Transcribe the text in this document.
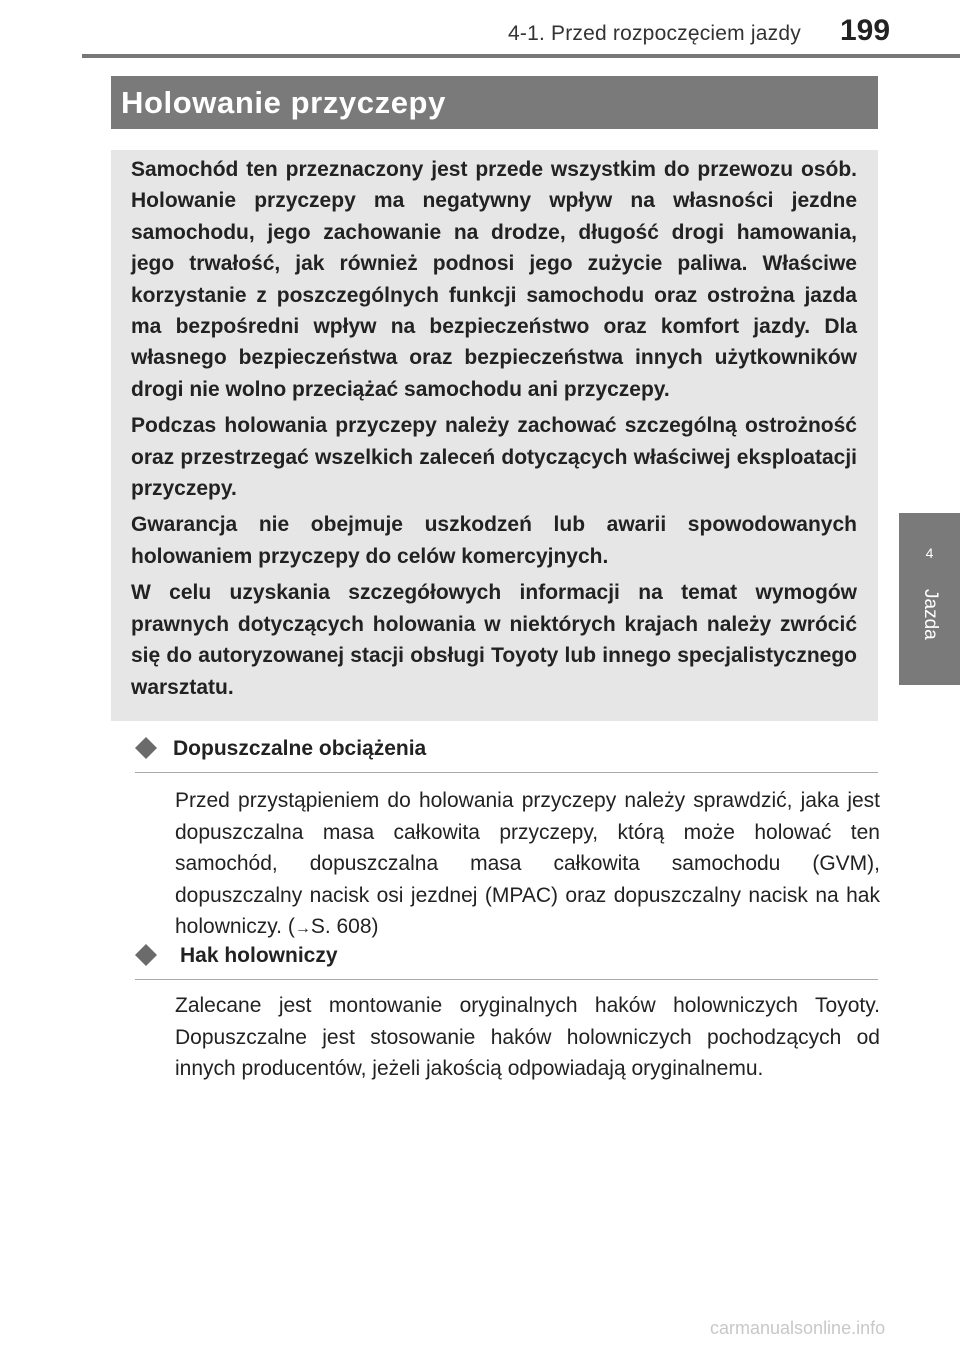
4-1. Przed rozpoczęciem jazdy 199
Holowanie przyczepy

Samochód ten przeznaczony jest przede wszystkim do przewozu osób. Holowanie przyczepy ma negatywny wpływ na własności jezdne samochodu, jego zachowanie na drodze, długość drogi hamowania, jego trwałość, jak również podnosi jego zużycie paliwa. Właściwe korzystanie z poszczególnych funkcji samochodu oraz ostrożna jazda ma bezpośredni wpływ na bezpieczeństwo oraz komfort jazdy. Dla własnego bezpieczeństwa oraz bezpieczeństwa innych użytkowników drogi nie wolno przeciążać samochodu ani przyczepy.

Podczas holowania przyczepy należy zachować szczególną ostrożność oraz przestrzegać wszelkich zaleceń dotyczących właściwej eksploatacji przyczepy.

Gwarancja nie obejmuje uszkodzeń lub awarii spowodowanych holowaniem przyczepy do celów komercyjnych.

W celu uzyskania szczegółowych informacji na temat wymogów prawnych dotyczących holowania w niektórych krajach należy zwrócić się do autoryzowanej stacji obsługi Toyoty lub innego specjalistycznego warsztatu.

4
Jazda
Dopuszczalne obciążenia
Przed przystąpieniem do holowania przyczepy należy sprawdzić, jaka jest dopuszczalna masa całkowita przyczepy, którą może holować ten samochód, dopuszczalna masa całkowita samochodu (GVM), dopuszczalny nacisk osi jezdnej (MPAC) oraz dopuszczalny nacisk na hak holowniczy. (→S. 608)
Hak holowniczy
Zalecane jest montowanie oryginalnych haków holowniczych Toyoty. Dopuszczalne jest stosowanie haków holowniczych pochodzących od innych producentów, jeżeli jakością odpowiadają oryginalnemu.
carmanualsonline.info
